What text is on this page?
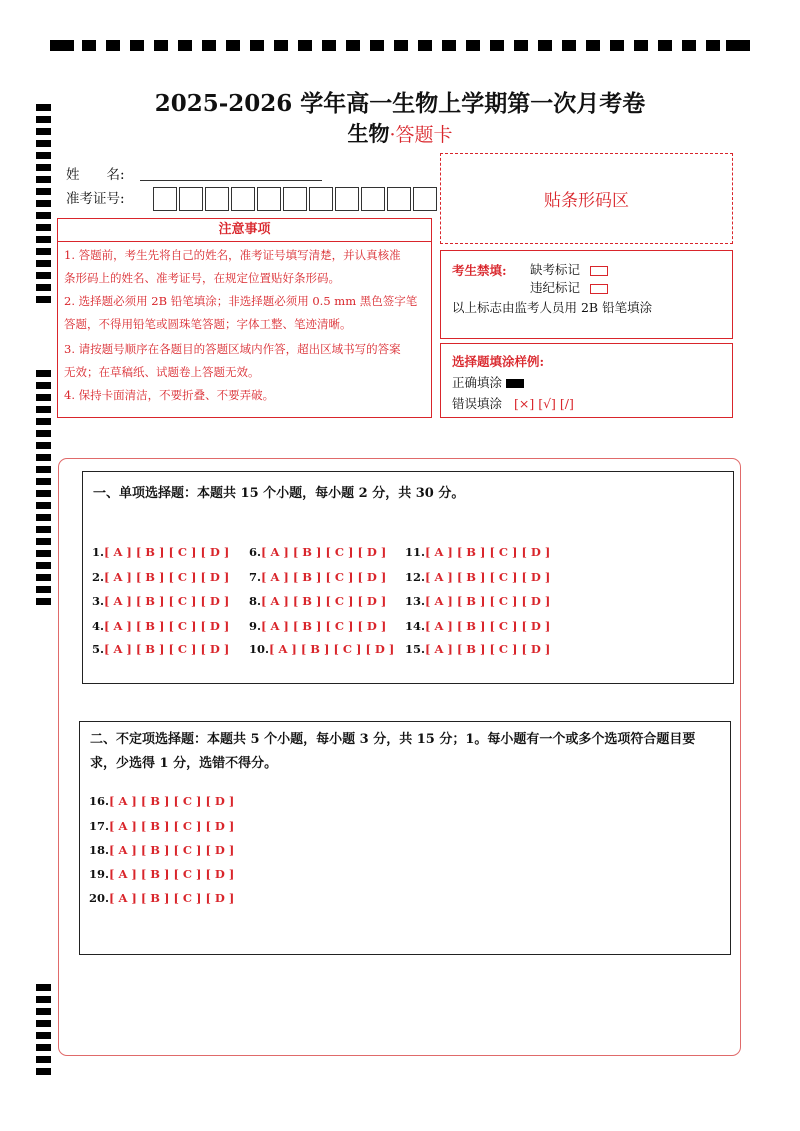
2025-2026 学年高一生物上学期第一次月考卷
生物·答题卡
姓　　名:
准考证号:	贴条形码区
注意事项
1. 答题前，考生先将自己的姓名，准考证号填写清楚，并认真核准
条形码上的姓名、准考证号，在规定位置贴好条形码。
2. 选择题必须用 2B 铅笔填涂；非选择题必须用 0.5 mm 黑色签字笔
答题，不得用铅笔或圆珠笔答题；字体工整、笔迹清晰。
3. 请按题号顺序在各题目的答题区域内作答，超出区域书写的答案
无效；在草稿纸、试题卷上答题无效。
4. 保持卡面清洁，不要折叠、不要弄破。
考生禁填: 缺考标记
违纪标记
以上标志由监考人员用 2B 铅笔填涂
选择题填涂样例:
正确填涂
错误填涂 [×] [√] [/]
一、单项选择题：本题共 15 个小题，每小题 2 分，共 30 分。
1.[ A ] [ B ] [ C ] [ D ]
2.[ A ] [ B ] [ C ] [ D ]
3.[ A ] [ B ] [ C ] [ D ]
4.[ A ] [ B ] [ C ] [ D ]
5.[ A ] [ B ] [ C ] [ D ]
6.[ A ] [ B ] [ C ] [ D ]
7.[ A ] [ B ] [ C ] [ D ]
8.[ A ] [ B ] [ C ] [ D ]
9.[ A ] [ B ] [ C ] [ D ]
10.[ A ] [ B ] [ C ] [ D ]
11.[ A ] [ B ] [ C ] [ D ]
12.[ A ] [ B ] [ C ] [ D ]
13.[ A ] [ B ] [ C ] [ D ]
14.[ A ] [ B ] [ C ] [ D ]
15.[ A ] [ B ] [ C ] [ D ]
二、不定项选择题：本题共 5 个小题，每小题 3 分，共 15 分；1。每小题有一个或多个选项符合题目要
求，少选得 1 分，选错不得分。
16.[ A ] [ B ] [ C ] [ D ]
17.[ A ] [ B ] [ C ] [ D ]
18.[ A ] [ B ] [ C ] [ D ]
19.[ A ] [ B ] [ C ] [ D ]
20.[ A ] [ B ] [ C ] [ D ]
